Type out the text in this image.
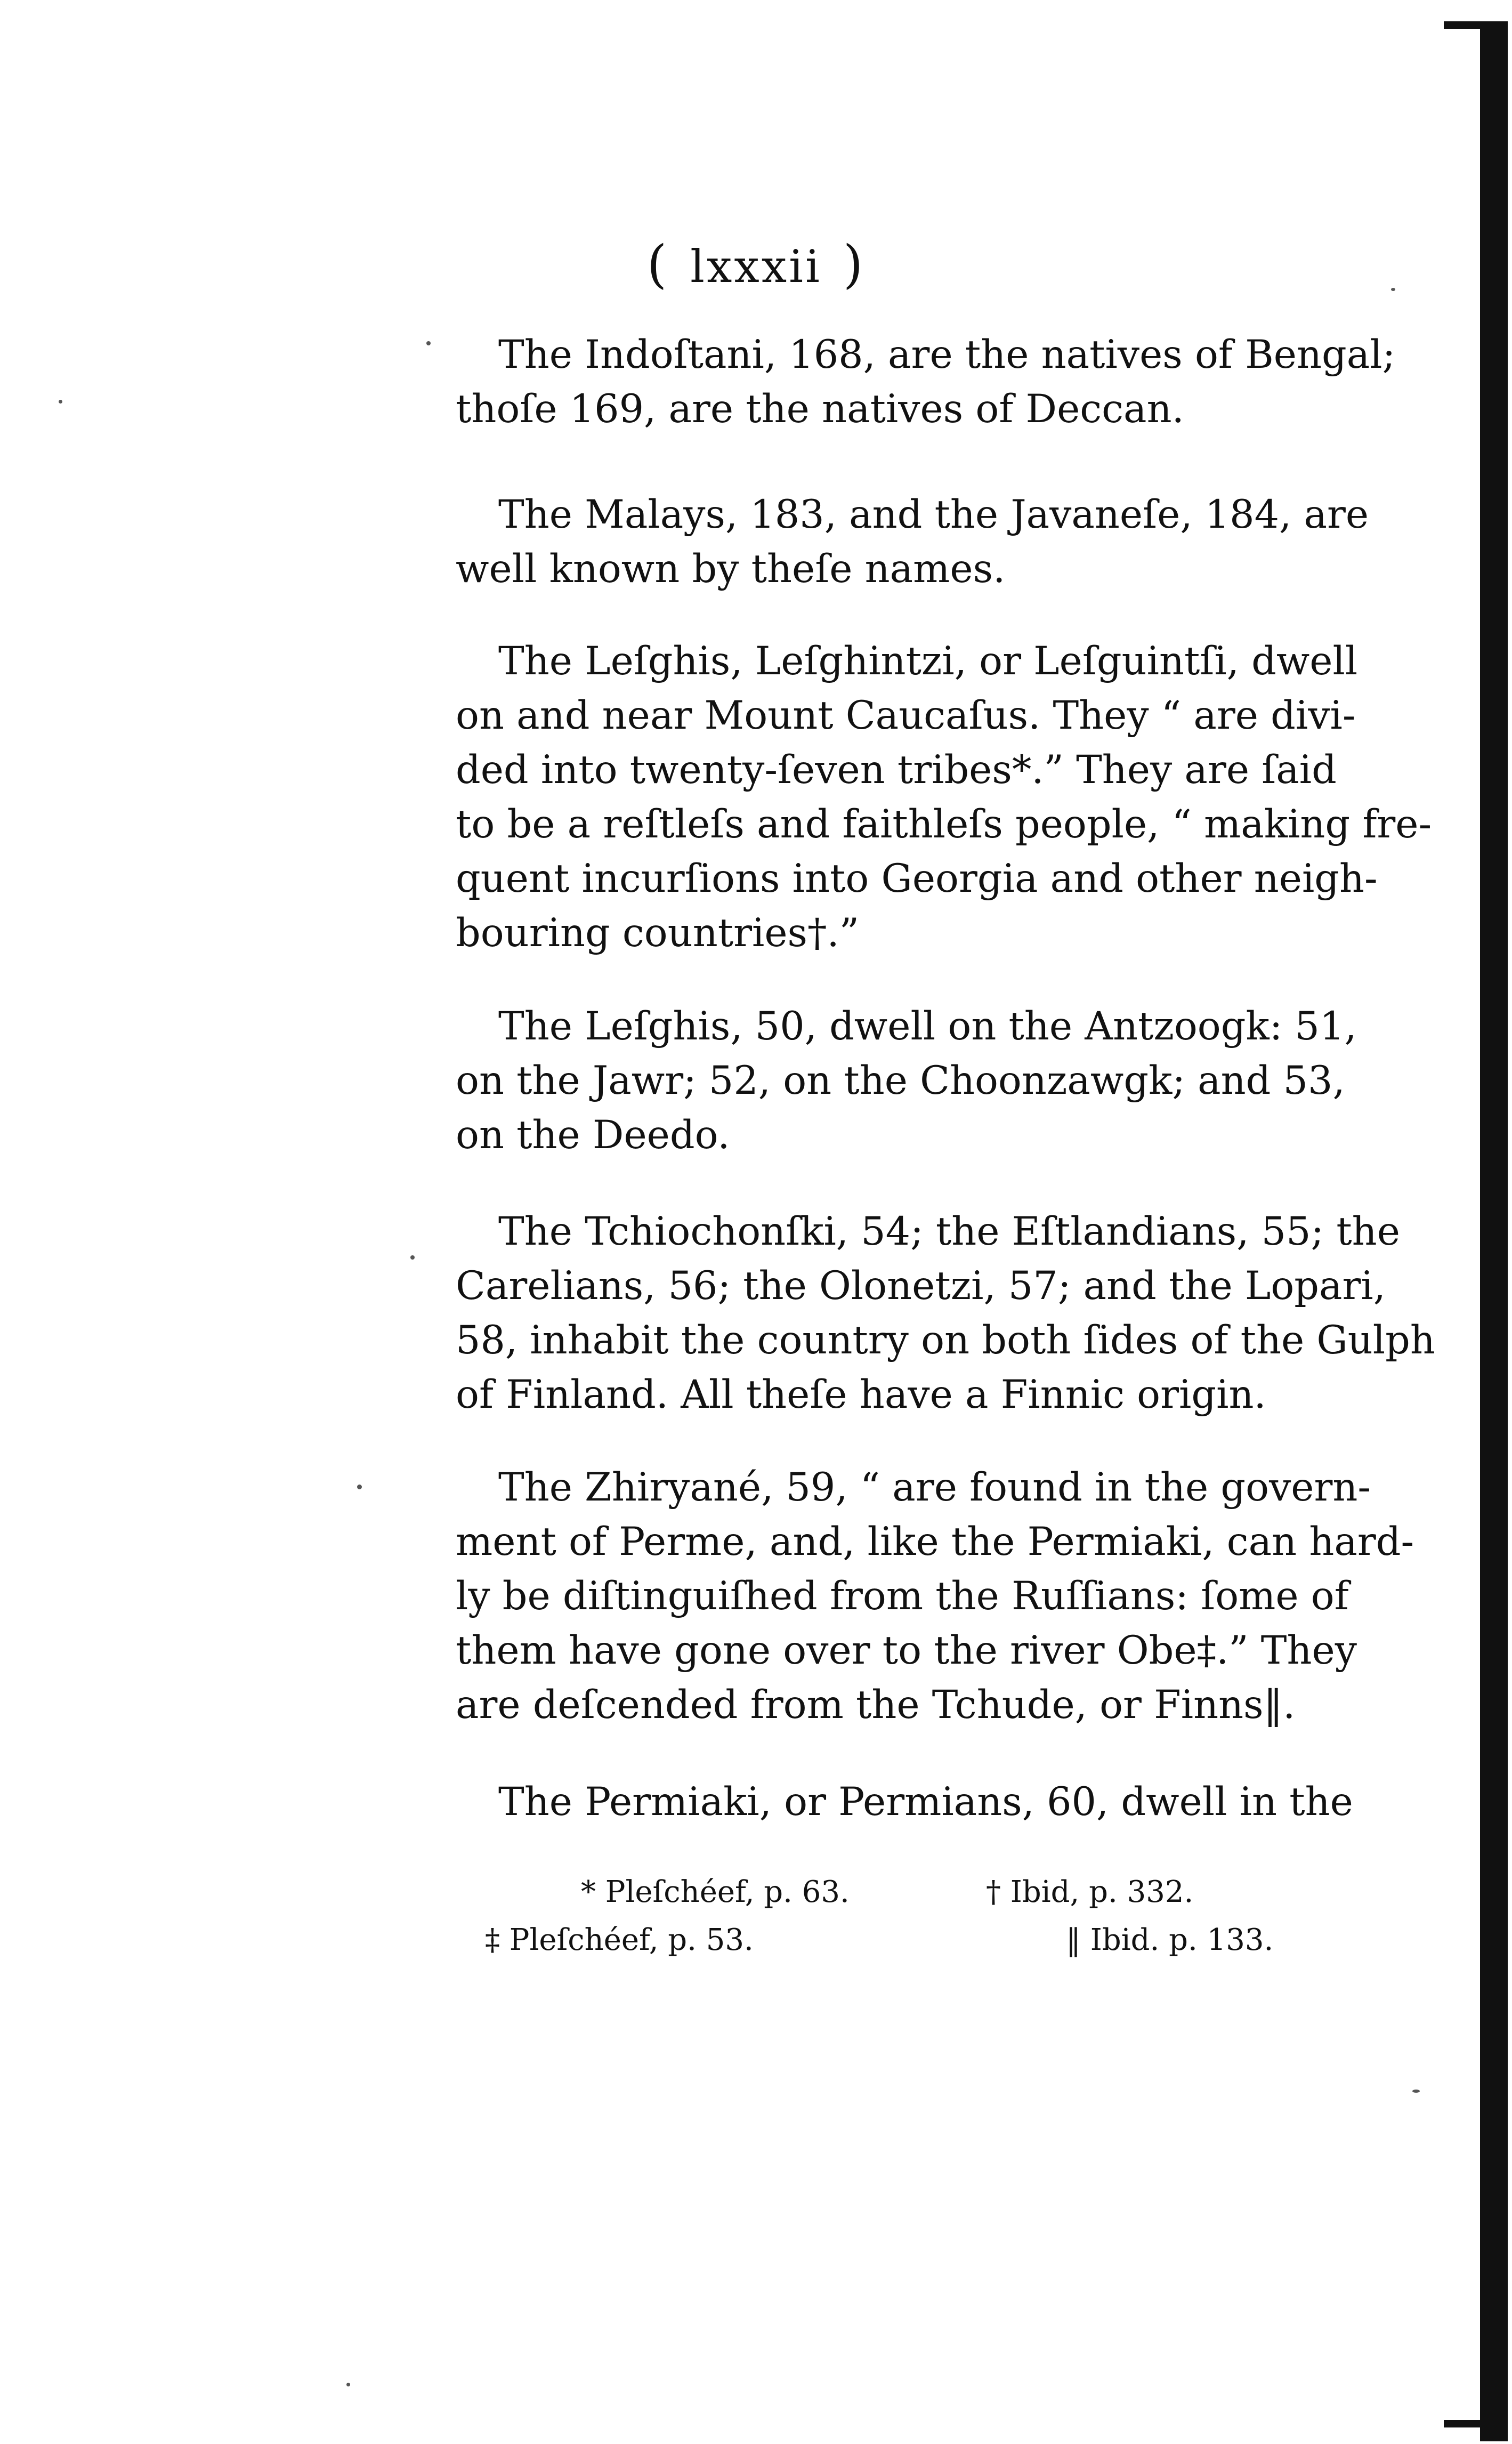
( lxxxii )

The Indoſtani, 168, are the natives of Bengal;
thoſe 169, are the natives of Deccan.

The Malays, 183, and the Javaneſe, 184, are
well known by theſe names.

The Leſghis, Leſghintzi, or Leſguintſi, dwell
on and near Mount Caucaſus. They “ are divi-
ded into twenty-ſeven tribes*.” They are ſaid
to be a reſtleſs and faithleſs people, “ making fre-
quent incurſions into Georgia and other neigh-
bouring countries†.”

The Leſghis, 50, dwell on the Antzoogk: 51,
on the Jawr; 52, on the Choonzawgk; and 53,
on the Deedo.

The Tchiochonſki, 54; the Eſtlandians, 55; the
Carelians, 56; the Olonetzi, 57; and the Lopari,
58, inhabit the country on both ſides of the Gulph
of Finland. All theſe have a Finnic origin.

The Zhiryané, 59, “ are found in the govern-
ment of Perme, and, like the Permiaki, can hard-
ly be diſtinguiſhed from the Ruſſians: ſome of
them have gone over to the river Obe‡.” They
are deſcended from the Tchude, or Finns‖.

The Permiaki, or Permians, 60, dwell in the

* Pleſchéef, p. 63.	† Ibid, p. 332.
‡ Pleſchéef, p. 53.	‖ Ibid. p. 133.
